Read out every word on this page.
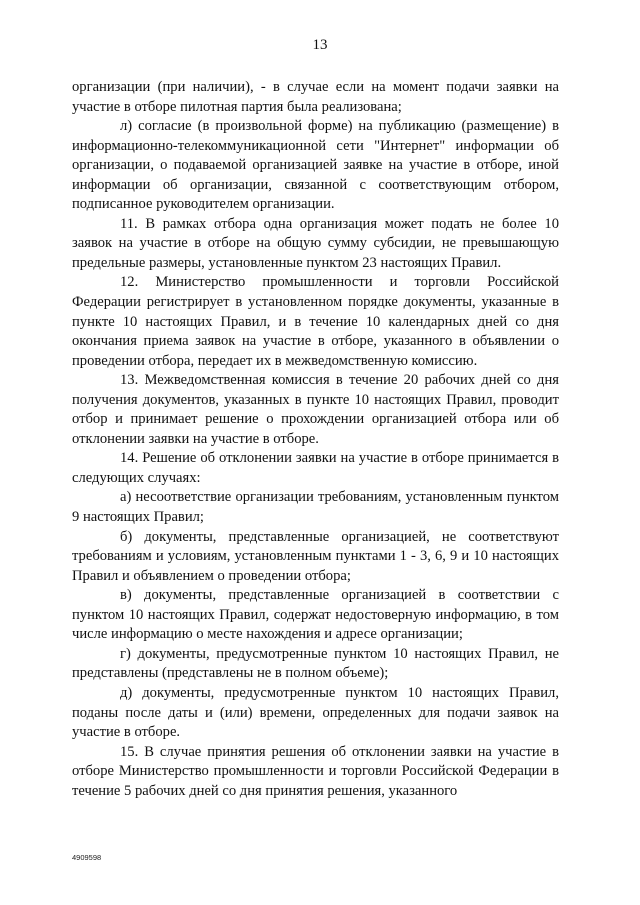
13

организации (при наличии), - в случае если на момент подачи заявки на участие в отборе пилотная партия была реализована;

л) согласие (в произвольной форме) на публикацию (размещение) в информационно-телекоммуникационной сети "Интернет" информации об организации, о подаваемой организацией заявке на участие в отборе, иной информации об организации, связанной с соответствующим отбором, подписанное руководителем организации.

11. В рамках отбора одна организация может подать не более 10 заявок на участие в отборе на общую сумму субсидии, не превышающую предельные размеры, установленные пунктом 23 настоящих Правил.

12. Министерство промышленности и торговли Российской Федерации регистрирует в установленном порядке документы, указанные в пункте 10 настоящих Правил, и в течение 10 календарных дней со дня окончания приема заявок на участие в отборе, указанного в объявлении о проведении отбора, передает их в межведомственную комиссию.

13. Межведомственная комиссия в течение 20 рабочих дней со дня получения документов, указанных в пункте 10 настоящих Правил, проводит отбор и принимает решение о прохождении организацией отбора или об отклонении заявки на участие в отборе.

14. Решение об отклонении заявки на участие в отборе принимается в следующих случаях:

а) несоответствие организации требованиям, установленным пунктом 9 настоящих Правил;

б) документы, представленные организацией, не соответствуют требованиям и условиям, установленным пунктами 1 - 3, 6, 9 и 10 настоящих Правил и объявлением о проведении отбора;

в) документы, представленные организацией в соответствии с пунктом 10 настоящих Правил, содержат недостоверную информацию, в том числе информацию о месте нахождения и адресе организации;

г) документы, предусмотренные пунктом 10 настоящих Правил, не представлены (представлены не в полном объеме);

д) документы, предусмотренные пунктом 10 настоящих Правил, поданы после даты и (или) времени, определенных для подачи заявок на участие в отборе.

15. В случае принятия решения об отклонении заявки на участие в отборе Министерство промышленности и торговли Российской Федерации в течение 5 рабочих дней со дня принятия решения, указанного

4909598
